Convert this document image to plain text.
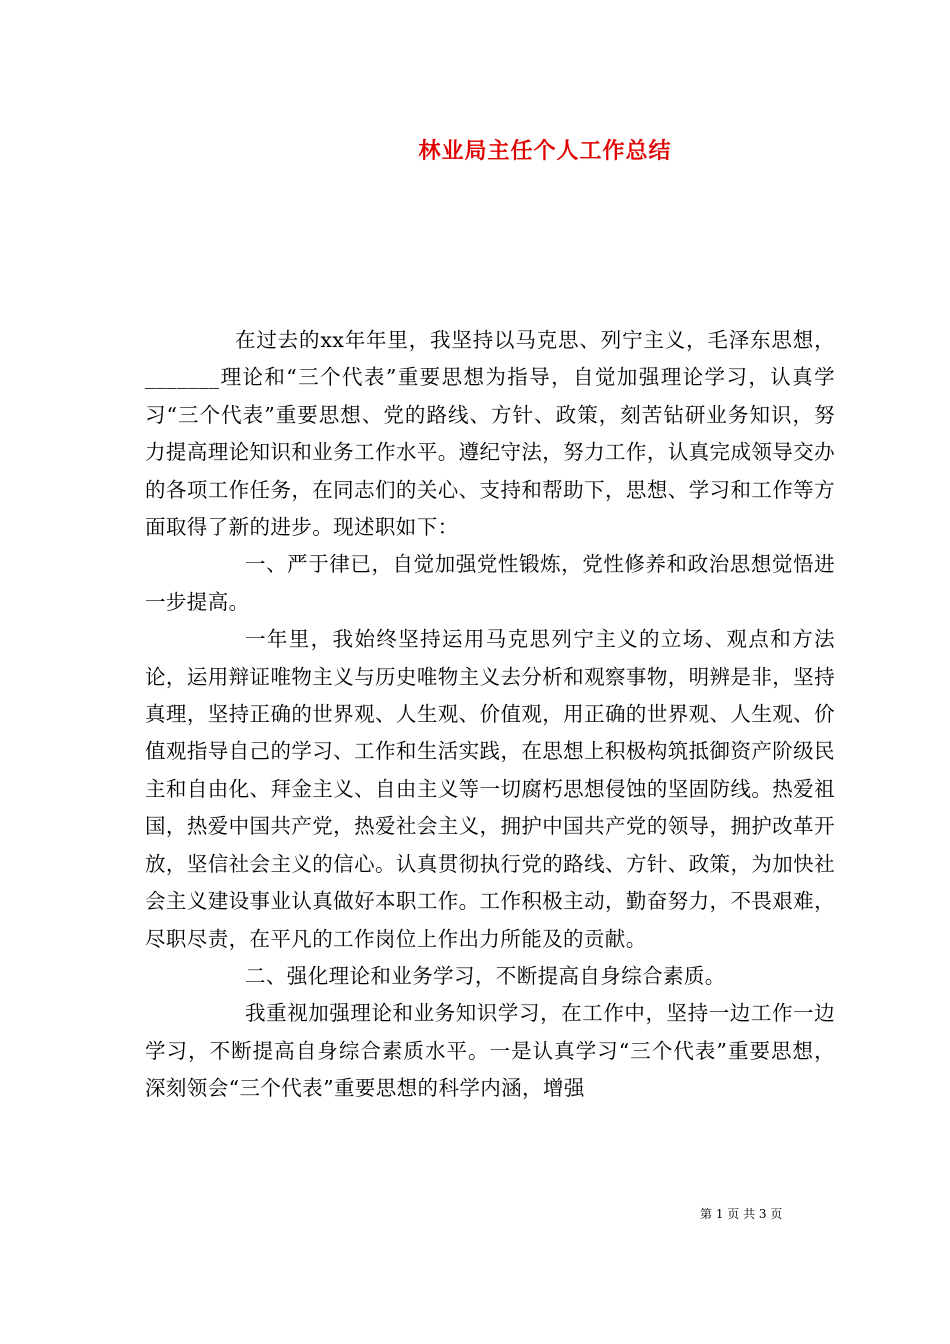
林业局主任个人工作总结

在过去的xx年年里，我坚持以马克思、列宁主义，毛泽东思想，_______理论和“三个代表”重要思想为指导，自觉加强理论学习，认真学习“三个代表”重要思想、党的路线、方针、政策，刻苦钻研业务知识，努力提高理论知识和业务工作水平。遵纪守法，努力工作，认真完成领导交办的各项工作任务，在同志们的关心、支持和帮助下，思想、学习和工作等方面取得了新的进步。现述职如下：

一、严于律已，自觉加强党性锻炼，党性修养和政治思想觉悟进一步提高。

一年里，我始终坚持运用马克思列宁主义的立场、观点和方法论，运用辩证唯物主义与历史唯物主义去分析和观察事物，明辨是非，坚持真理，坚持正确的世界观、人生观、价值观，用正确的世界观、人生观、价值观指导自己的学习、工作和生活实践，在思想上积极构筑抵御资产阶级民主和自由化、拜金主义、自由主义等一切腐朽思想侵蚀的坚固防线。热爱祖国，热爱中国共产党，热爱社会主义，拥护中国共产党的领导，拥护改革开放，坚信社会主义的信心。认真贯彻执行党的路线、方针、政策，为加快社会主义建设事业认真做好本职工作。工作积极主动，勤奋努力，不畏艰难，尽职尽责，在平凡的工作岗位上作出力所能及的贡献。

二、强化理论和业务学习，不断提高自身综合素质。

我重视加强理论和业务知识学习，在工作中，坚持一边工作一边学习，不断提高自身综合素质水平。一是认真学习“三个代表”重要思想，深刻领会“三个代表”重要思想的科学内涵，增强

第 1 页 共 3 页
